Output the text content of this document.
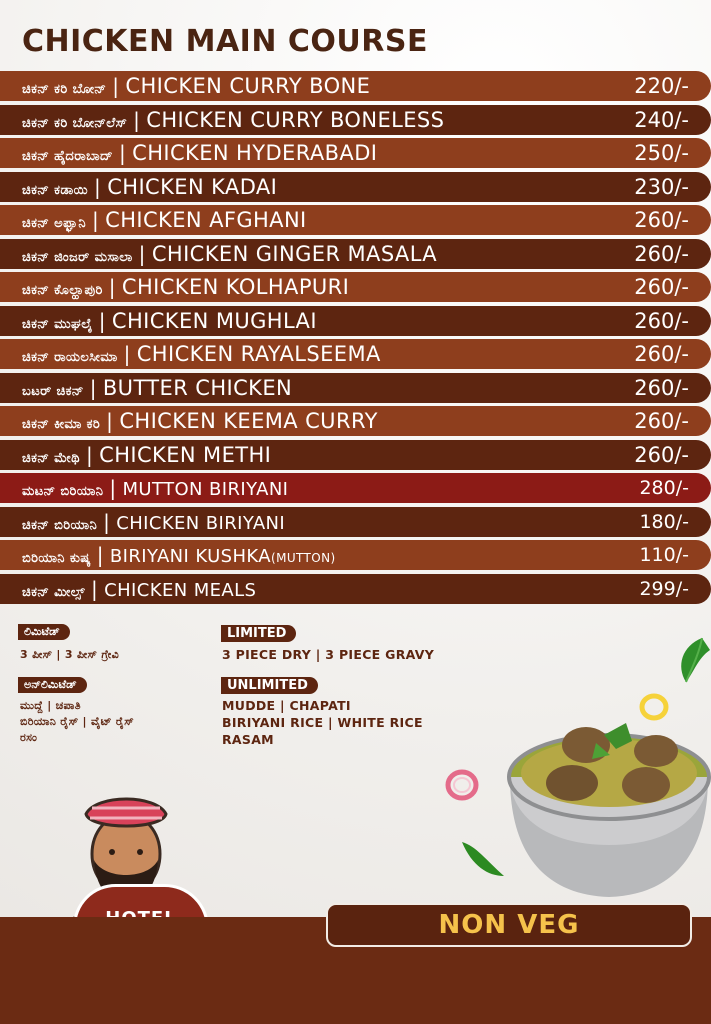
CHICKEN MAIN COURSE
ಚಿಕನ್ ಕರಿ ಬೋನ್ | CHICKEN CURRY BONE	220/-
ಚಿಕನ್ ಕರಿ ಬೋನ್‌ಲೆಸ್ | CHICKEN CURRY BONELESS	240/-
ಚಿಕನ್ ಹೈದರಾಬಾದ್ | CHICKEN HYDERABADI	250/-
ಚಿಕನ್ ಕಡಾಯಿ | CHICKEN KADAI	230/-
ಚಿಕನ್ ಅಫ್ಘಾನಿ | CHICKEN AFGHANI	260/-
ಚಿಕನ್ ಜಿಂಜರ್ ಮಸಾಲಾ | CHICKEN GINGER MASALA	260/-
ಚಿಕನ್ ಕೊಲ್ಹಾಪುರಿ | CHICKEN KOLHAPURI	260/-
ಚಿಕನ್ ಮುಘಲೈ | CHICKEN MUGHLAI	260/-
ಚಿಕನ್ ರಾಯಲಸೀಮಾ | CHICKEN RAYALSEEMA	260/-
ಬಟರ್ ಚಿಕನ್ | BUTTER CHICKEN	260/-
ಚಿಕನ್ ಕೀಮಾ ಕರಿ | CHICKEN KEEMA CURRY	260/-
ಚಿಕನ್ ಮೇಥಿ | CHICKEN METHI	260/-
ಮಟನ್ ಬಿರಿಯಾನಿ | MUTTON BIRIYANI	280/-
ಚಿಕನ್ ಬಿರಿಯಾನಿ | CHICKEN BIRIYANI	180/-
ಬಿರಿಯಾನಿ ಕುಷ್ಕ | BIRIYANI KUSHKA(MUTTON)	110/-
ಚಿಕನ್ ಮೀಲ್ಸ್ | CHICKEN MEALS	299/-
ಲಿಮಿಟೆಡ್
3 ಪೀಸ್ | 3 ಪೀಸ್ ಗ್ರೇವಿ
LIMITED
3 PIECE DRY | 3 PIECE GRAVY
ಅನ್‌ಲಿಮಿಟೆಡ್
ಮುದ್ದೆ | ಚಪಾತಿ
ಬಿರಿಯಾನಿ ರೈಸ್ | ವೈಟ್ ರೈಸ್
ರಸಂ
UNLIMITED
MUDDE | CHAPATI
BIRIYANI RICE | WHITE RICE
RASAM
NON VEG
